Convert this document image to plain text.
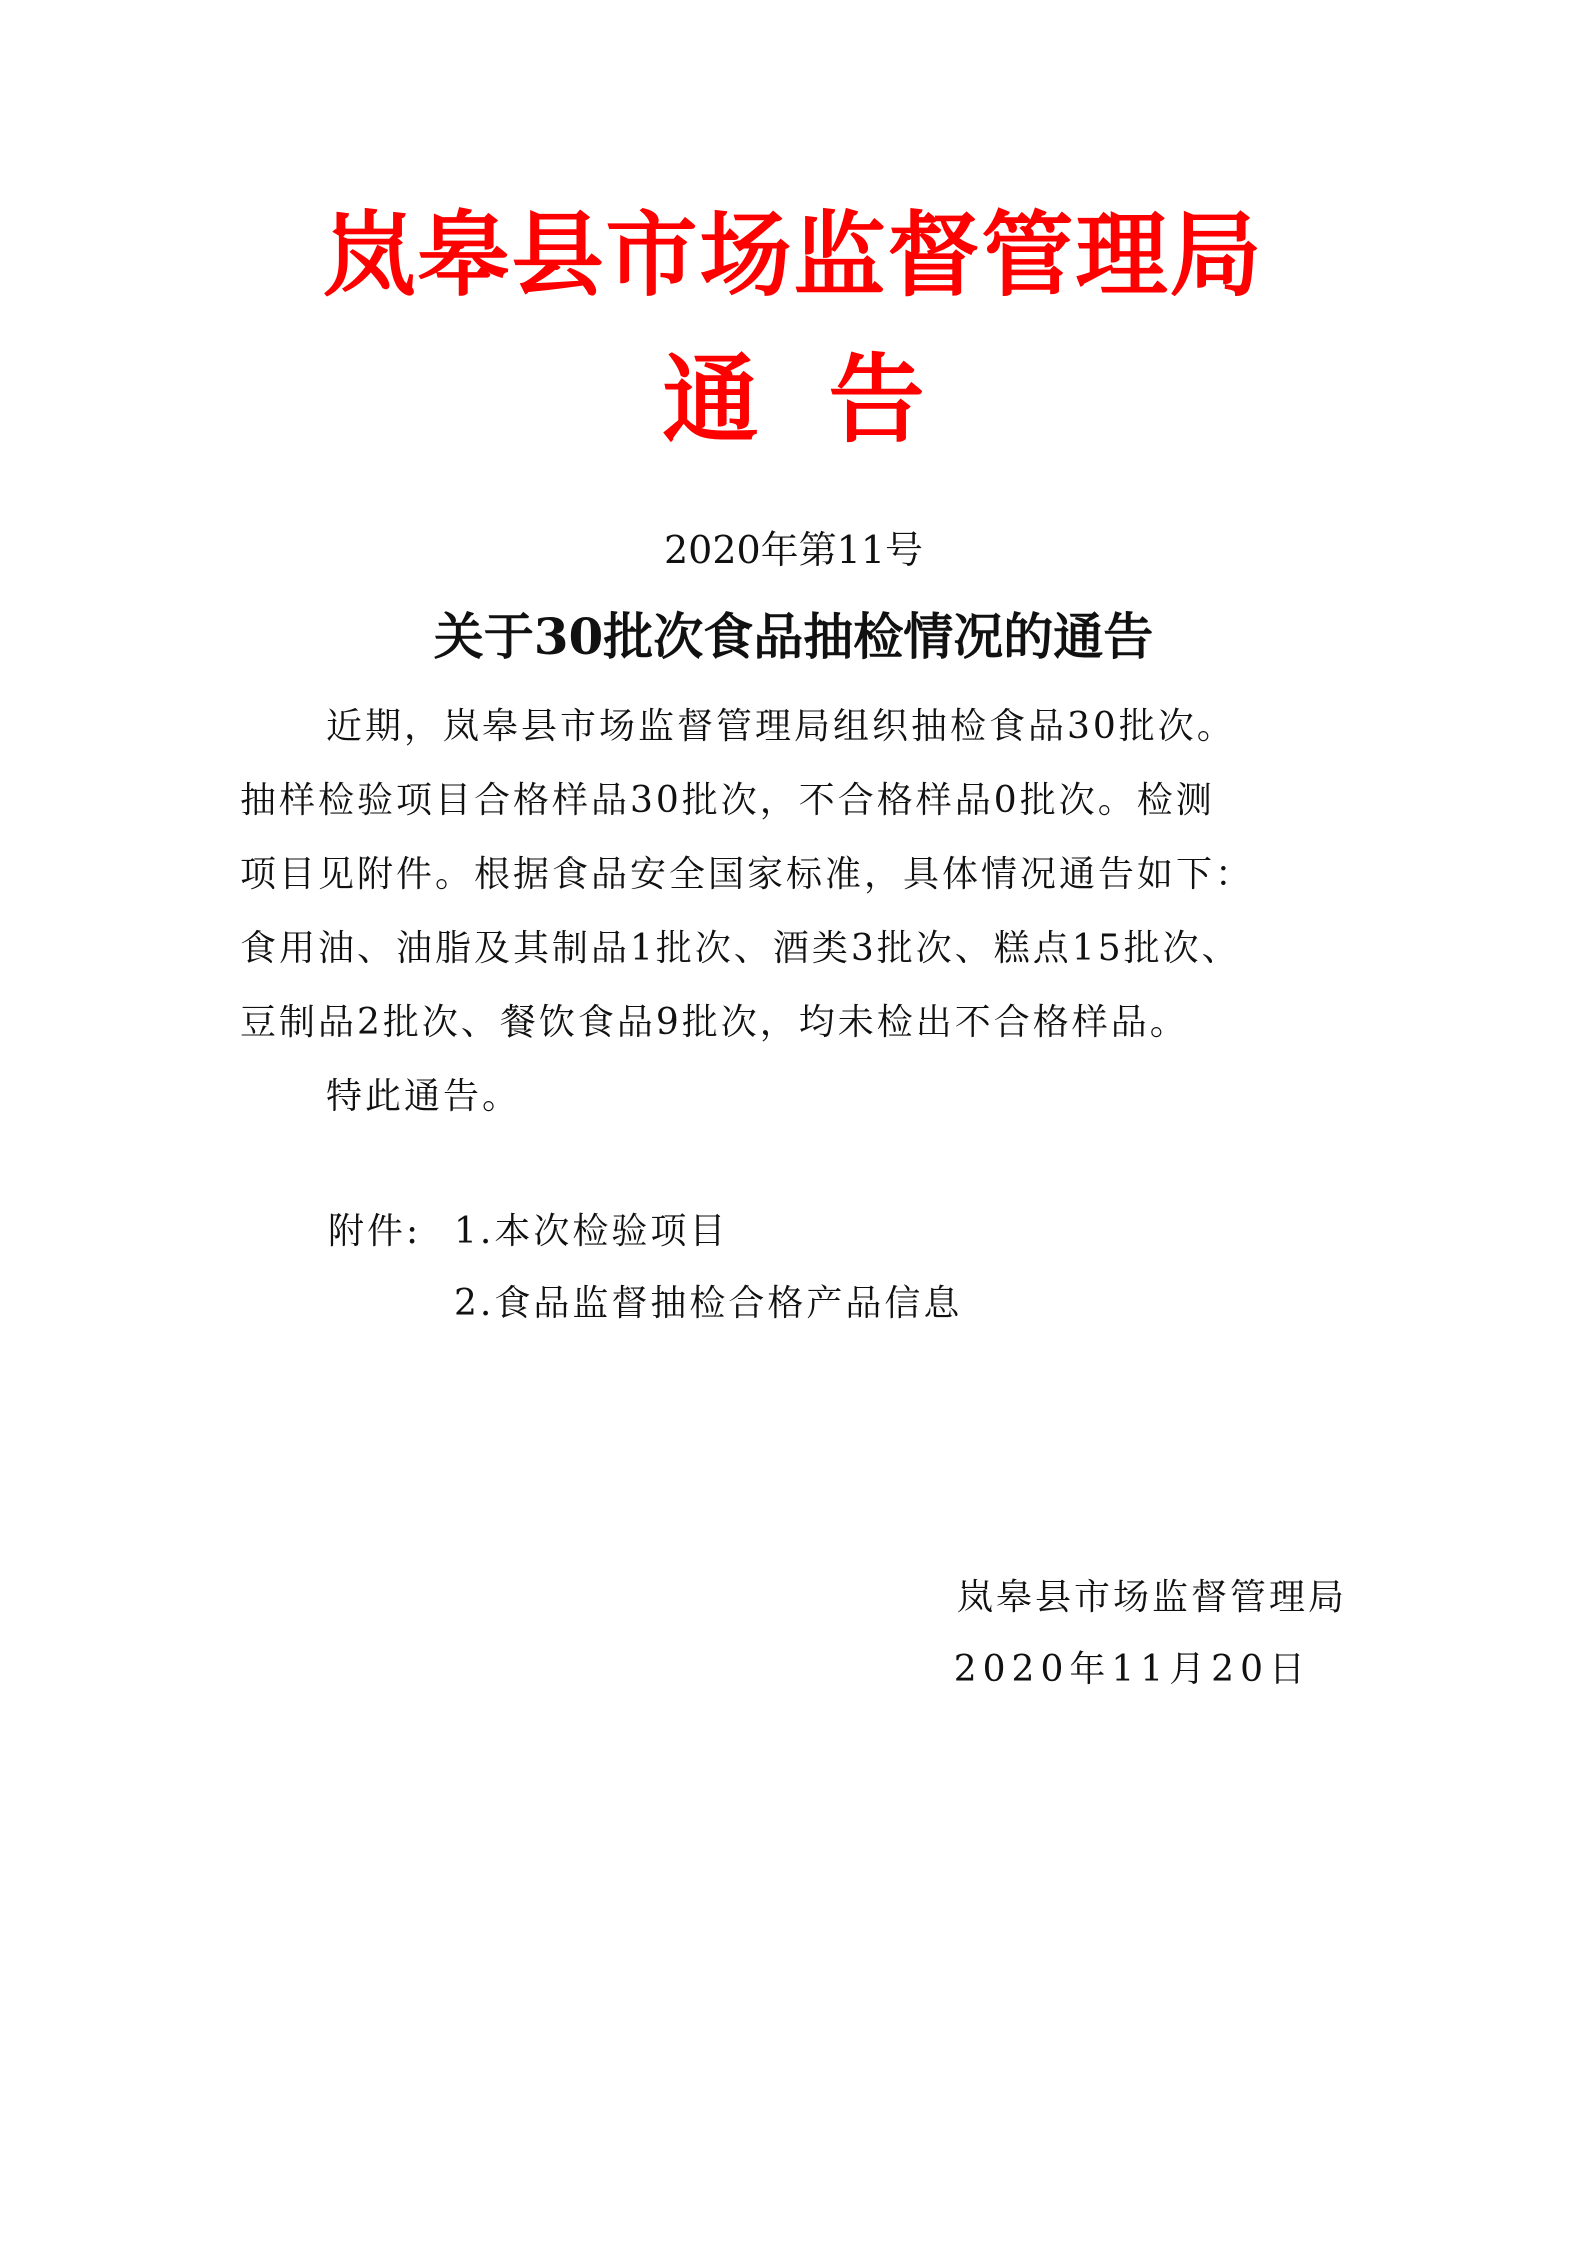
岚皋县市场监督管理局
通告
2020年第11号
关于30批次食品抽检情况的通告

近期，岚皋县市场监督管理局组织抽检食品30批次。

抽样检验项目合格样品30批次，不合格样品0批次。检测

项目见附件。根据食品安全国家标准，具体情况通告如下：

食用油、油脂及其制品1批次、酒类3批次、糕点15批次、

豆制品2批次、餐饮食品9批次，均未检出不合格样品。

特此通告。

附件: 1.本次检验项目
2.食品监督抽检合格产品信息
岚皋县市场监督管理局
2020年11月20日
